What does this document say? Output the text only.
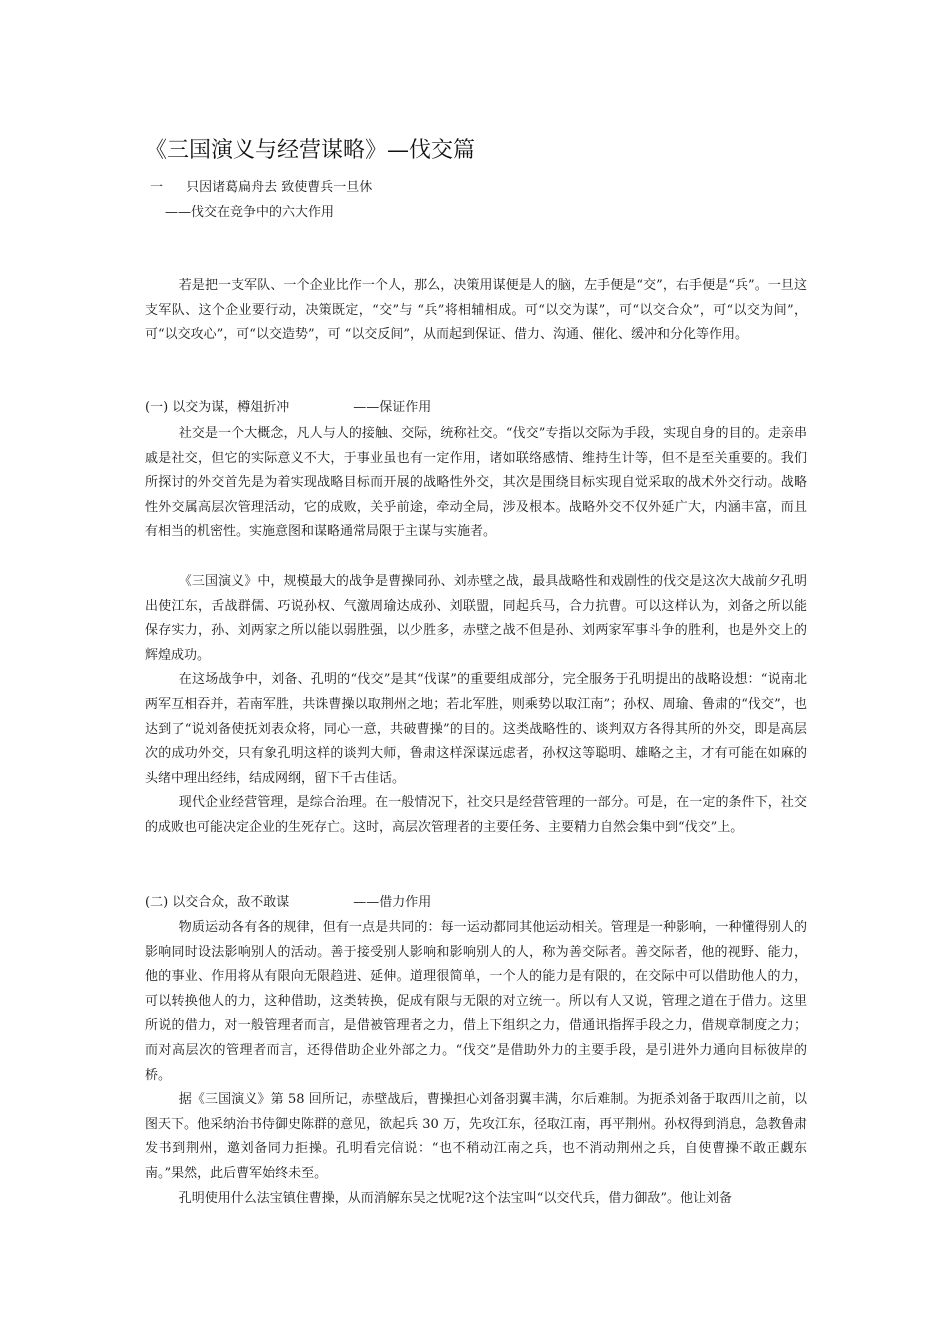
《三国演义与经营谋略》—伐交篇
一 只因诸葛扁舟去 致使曹兵一旦休
——伐交在竞争中的六大作用

若是把一支军队、一个企业比作一个人，那么，决策用谋便是人的脑，左手便是“交”，右手便是“兵”。一旦这支军队、这个企业要行动，决策既定，“交”与 “兵”将相辅相成。可“以交为谋”，可“以交合众”，可“以交为间”，可“以交攻心”，可“以交造势”，可 “以交反间”，从而起到保证、借力、沟通、催化、缓冲和分化等作用。

(一) 以交为谋，樽俎折冲	——保证作用

社交是一个大概念，凡人与人的接触、交际，统称社交。“伐交”专指以交际为手段，实现自身的目的。走亲串戚是社交，但它的实际意义不大，于事业虽也有一定作用，诸如联络感情、维持生计等，但不是至关重要的。我们所探讨的外交首先是为着实现战略目标而开展的战略性外交，其次是围绕目标实现自觉采取的战术外交行动。战略性外交属高层次管理活动，它的成败，关乎前途，牵动全局，涉及根本。战略外交不仅外延广大，内涵丰富，而且有相当的机密性。实施意图和谋略通常局限于主谋与实施者。

《三国演义》中，规模最大的战争是曹操同孙、刘赤壁之战，最具战略性和戏剧性的伐交是这次大战前夕孔明出使江东，舌战群儒、巧说孙权、气激周瑜达成孙、刘联盟，同起兵马，合力抗曹。可以这样认为，刘备之所以能保存实力，孙、刘两家之所以能以弱胜强，以少胜多，赤壁之战不但是孙、刘两家军事斗争的胜利，也是外交上的辉煌成功。

在这场战争中，刘备、孔明的“伐交”是其“伐谋”的重要组成部分，完全服务于孔明提出的战略设想：“说南北两军互相吞并，若南军胜，共诛曹操以取荆州之地；若北军胜，则乘势以取江南”；孙权、周瑜、鲁肃的“伐交”，也达到了“说刘备使抚刘表众将，同心一意，共破曹操”的目的。这类战略性的、谈判双方各得其所的外交，即是高层次的成功外交，只有象孔明这样的谈判大师，鲁肃这样深谋远虑者，孙权这等聪明、雄略之主，才有可能在如麻的头绪中理出经纬，结成网纲，留下千古佳话。

现代企业经营管理，是综合治理。在一般情况下，社交只是经营管理的一部分。可是，在一定的条件下，社交的成败也可能决定企业的生死存亡。这时，高层次管理者的主要任务、主要精力自然会集中到“伐交”上。

(二) 以交合众，敌不敢谋	——借力作用

物质运动各有各的规律，但有一点是共同的：每一运动都同其他运动相关。管理是一种影响，一种懂得别人的影响同时设法影响别人的活动。善于接受别人影响和影响别人的人，称为善交际者。善交际者，他的视野、能力，他的事业、作用将从有限向无限趋进、延伸。道理很简单，一个人的能力是有限的，在交际中可以借助他人的力，可以转换他人的力，这种借助，这类转换，促成有限与无限的对立统一。所以有人又说，管理之道在于借力。这里所说的借力，对一般管理者而言，是借被管理者之力，借上下组织之力，借通讯指挥手段之力，借规章制度之力；而对高层次的管理者而言，还得借助企业外部之力。“伐交”是借助外力的主要手段，是引进外力通向目标彼岸的桥。

据《三国演义》第 58 回所记，赤壁战后，曹操担心刘备羽翼丰满，尔后难制。为扼杀刘备于取西川之前，以图天下。他采纳治书侍御史陈群的意见，欲起兵 30 万，先攻江东，径取江南，再平荆州。孙权得到消息，急教鲁肃发书到荆州，邀刘备同力拒操。孔明看完信说：“也不稍动江南之兵，也不消动荆州之兵，自使曹操不敢正觑东南。”果然，此后曹军始终未至。

孔明使用什么法宝镇住曹操，从而消解东吴之忧呢?这个法宝叫“以交代兵，借力御敌”。他让刘备
